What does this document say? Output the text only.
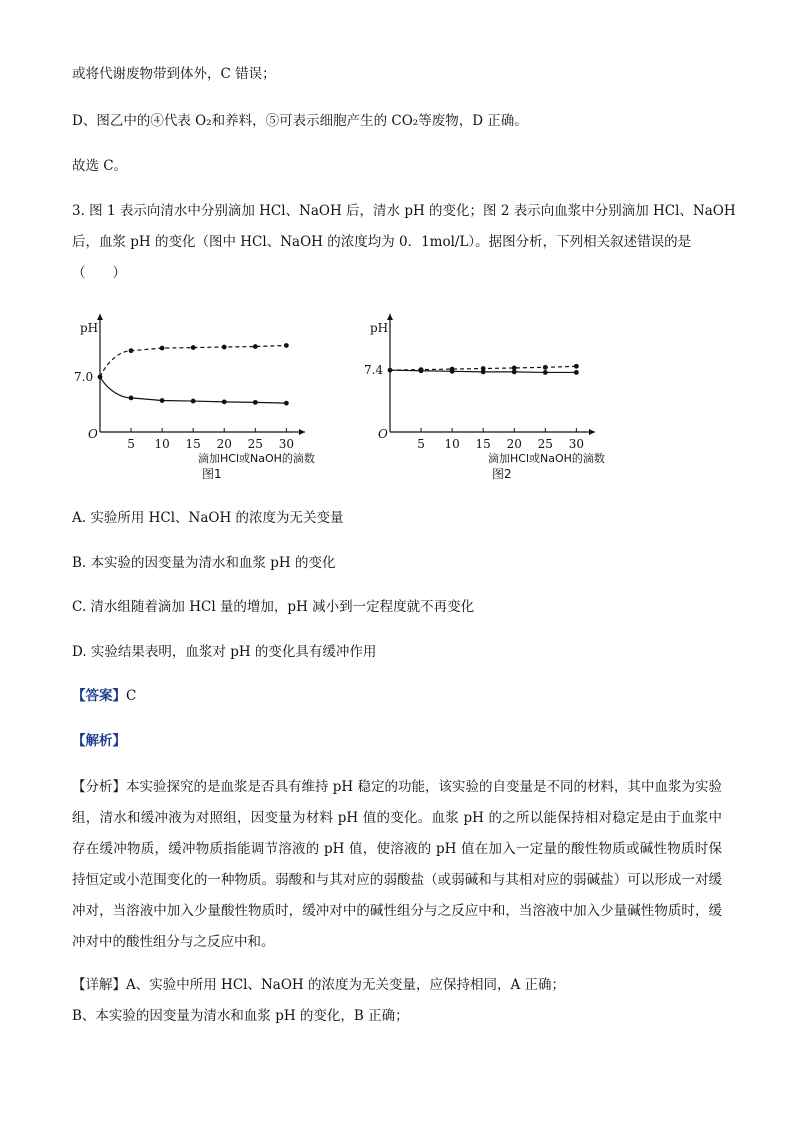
或将代谢废物带到体外，C 错误；
D、图乙中的④代表 O₂和养料，⑤可表示细胞产生的 CO₂等废物，D 正确。
故选 C。
3. 图 1 表示向清水中分别滴加 HCl、NaOH 后，清水 pH 的变化；图 2 表示向血浆中分别滴加 HCl、NaOH
后，血浆 pH 的变化（图中 HCl、NaOH 的浓度均为 0．1mol/L）。据图分析，下列相关叙述错误的是
（　　）
pH
O
7.0
5 10 15 20 25 30
滴加HCl或NaOH的滴数
图1
pH
O
7.4
5 10 15 20 25 30
滴加HCl或NaOH的滴数
图2
A. 实验所用 HCl、NaOH 的浓度为无关变量
B. 本实验的因变量为清水和血浆 pH 的变化
C. 清水组随着滴加 HCl 量的增加，pH 减小到一定程度就不再变化
D. 实验结果表明，血浆对 pH 的变化具有缓冲作用
【答案】C
【解析】
【分析】本实验探究的是血浆是否具有维持 pH 稳定的功能，该实验的自变量是不同的材料，其中血浆为实验组，清水和缓冲液为对照组，因变量为材料 pH 值的变化。血浆 pH 的之所以能保持相对稳定是由于血浆中存在缓冲物质，缓冲物质指能调节溶液的 pH 值，使溶液的 pH 值在加入一定量的酸性物质或碱性物质时保持恒定或小范围变化的一种物质。弱酸和与其对应的弱酸盐（或弱碱和与其相对应的弱碱盐）可以形成一对缓冲对，当溶液中加入少量酸性物质时，缓冲对中的碱性组分与之反应中和，当溶液中加入少量碱性物质时，缓冲对中的酸性组分与之反应中和。
【详解】A、实验中所用 HCl、NaOH 的浓度为无关变量，应保持相同，A 正确；
B、本实验的因变量为清水和血浆 pH 的变化，B 正确；
